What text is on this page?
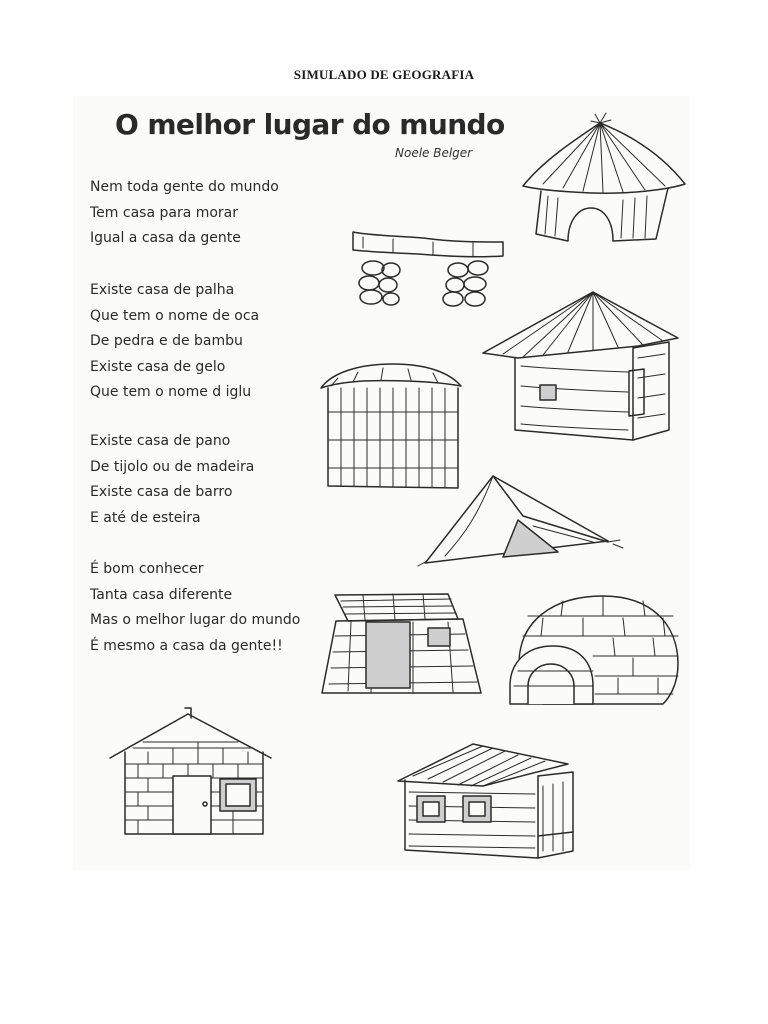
SIMULADO DE GEOGRAFIA
O melhor lugar do mundo
Noele Belger
Nem toda gente do mundo
Tem casa para morar
Igual a casa da gente
Existe casa de palha
Que tem o nome de oca
De pedra e de bambu
Existe casa de gelo
Que tem o nome d iglu
Existe casa de pano
De tijolo ou de madeira
Existe casa de barro
E até de esteira
É bom conhecer
Tanta casa diferente
Mas o melhor lugar do mundo
É mesmo a casa da gente!!
